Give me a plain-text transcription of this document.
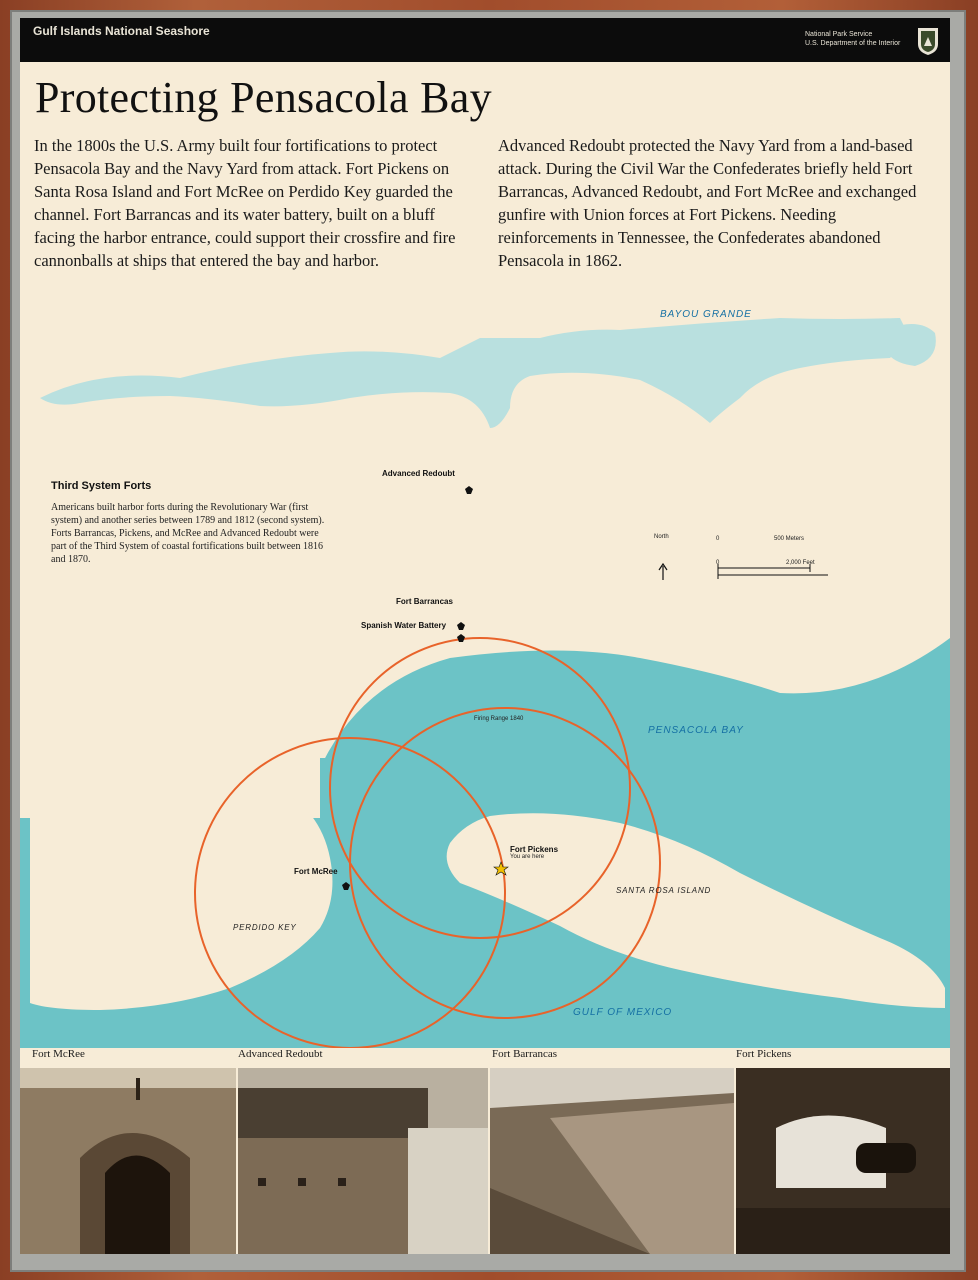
Gulf Islands National Seashore	National Park Service
U.S. Department of the Interior
Protecting Pensacola Bay
In the 1800s the U.S. Army built four fortifications to protect Pensacola Bay and the Navy Yard from attack. Fort Pickens on Santa Rosa Island and Fort McRee on Perdido Key guarded the channel. Fort Barrancas and its water battery, built on a bluff facing the harbor entrance, could support their crossfire and fire cannonballs at ships that entered the bay and harbor.
Advanced Redoubt protected the Navy Yard from a land-based attack. During the Civil War the Confederates briefly held Fort Barrancas, Advanced Redoubt, and Fort McRee and exchanged gunfire with Union forces at Fort Pickens. Needing reinforcements in Tennessee, the Confederates abandoned Pensacola in 1862.
BAYOU GRANDE
PENSACOLA BAY
GULF OF MEXICO
PERDIDO KEY
SANTA ROSA ISLAND
Advanced Redoubt
Fort Barrancas
Spanish Water Battery
Fort McRee
Fort Pickens
You are here
Firing Range 1840
North	0	500 Meters
0	2,000 Feet
Third System Forts
Americans built harbor forts during the Revolutionary War (first system) and another series between 1789 and 1812 (second system). Forts Barrancas, Pickens, and McRee and Advanced Redoubt were part of the Third System of coastal fortifications built between 1816 and 1870.
Fort McRee	Advanced Redoubt	Fort Barrancas	Fort Pickens
